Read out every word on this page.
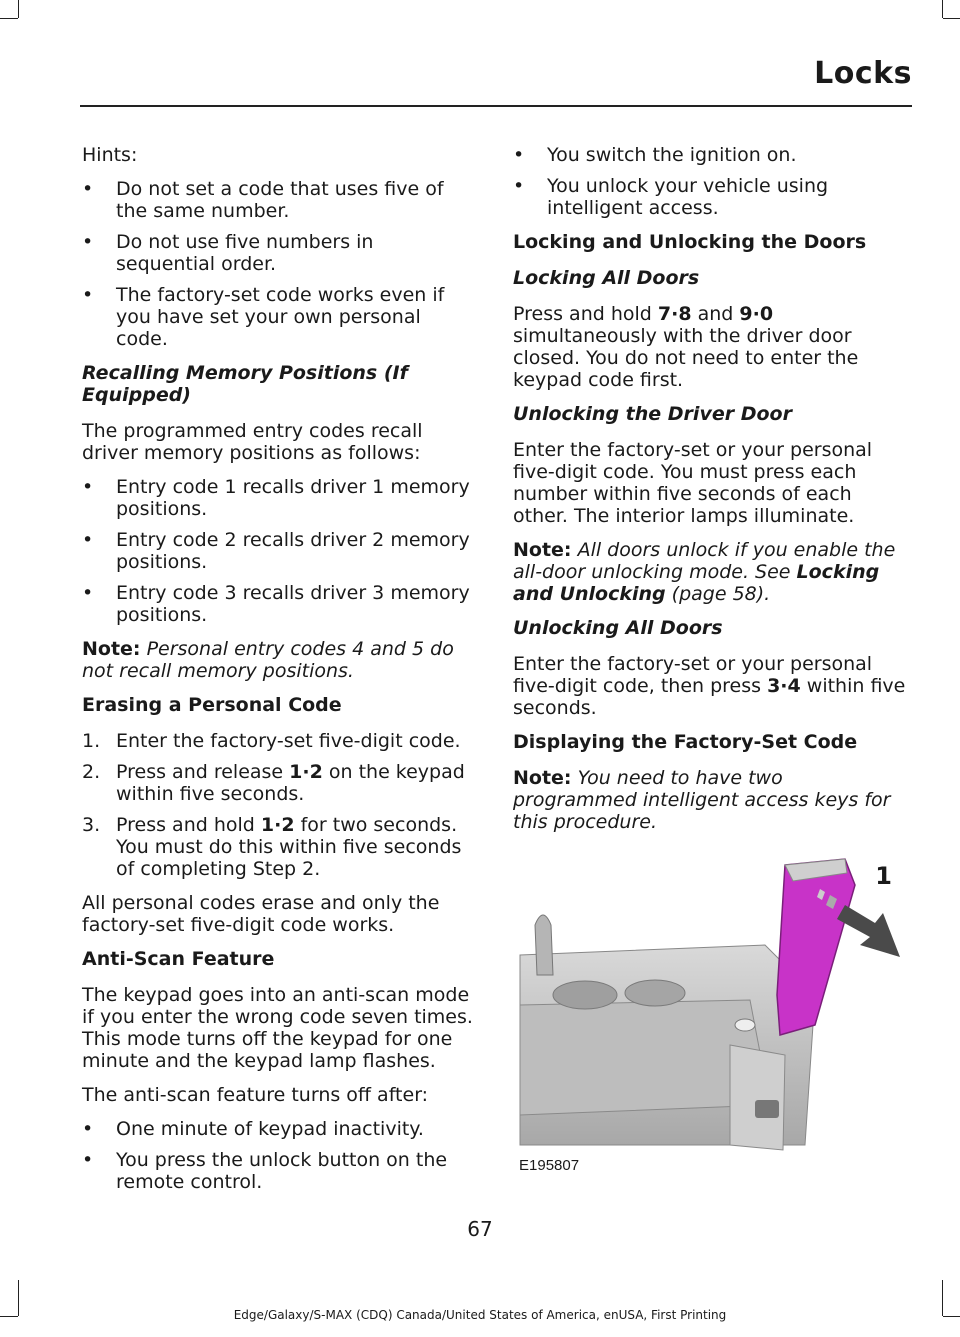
Locks

Hints:

• Do not set a code that uses five of the same number.
• Do not use five numbers in sequential order.
• The factory-set code works even if you have set your own personal code.

Recalling Memory Positions (If Equipped)

The programmed entry codes recall driver memory positions as follows:

• Entry code 1 recalls driver 1 memory positions.
• Entry code 2 recalls driver 2 memory positions.
• Entry code 3 recalls driver 3 memory positions.

Note: Personal entry codes 4 and 5 do not recall memory positions.

Erasing a Personal Code

1. Enter the factory-set five-digit code.
2. Press and release 1·2 on the keypad within five seconds.
3. Press and hold 1·2 for two seconds. You must do this within five seconds of completing Step 2.

All personal codes erase and only the factory-set five-digit code works.

Anti-Scan Feature

The keypad goes into an anti-scan mode if you enter the wrong code seven times. This mode turns off the keypad for one minute and the keypad lamp flashes.

The anti-scan feature turns off after:

• One minute of keypad inactivity.
• You press the unlock button on the remote control.
• You switch the ignition on.
• You unlock your vehicle using intelligent access.

Locking and Unlocking the Doors

Locking All Doors

Press and hold 7·8 and 9·0 simultaneously with the driver door closed. You do not need to enter the keypad code first.

Unlocking the Driver Door

Enter the factory-set or your personal five-digit code. You must press each number within five seconds of each other. The interior lamps illuminate.

Note: All doors unlock if you enable the all-door unlocking mode. See Locking and Unlocking (page 58).

Unlocking All Doors

Enter the factory-set or your personal five-digit code, then press 3·4 within five seconds.

Displaying the Factory-Set Code

Note: You need to have two programmed intelligent access keys for this procedure.

1
E195807
67
Edge/Galaxy/S-MAX (CDQ) Canada/United States of America, enUSA, First Printing
